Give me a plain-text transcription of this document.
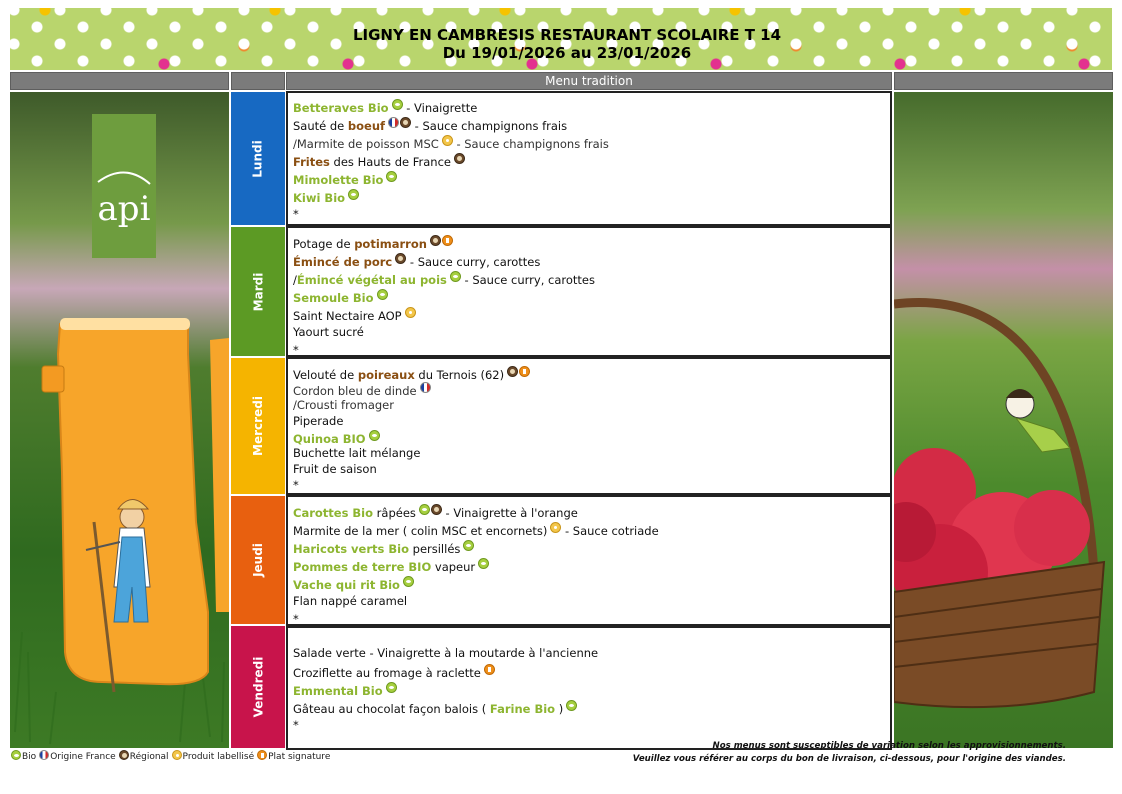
LIGNY EN CAMBRESIS RESTAURANT SCOLAIRE T 14
Du 19/01/2026 au 23/01/2026
Menu tradition
api
Lundi
Mardi
Mercredi
Jeudi
Vendredi
Betteraves Bio - Vinaigrette
Sauté de boeuf - Sauce champignons frais
/Marmite de poisson MSC - Sauce champignons frais
Frites des Hauts de France
Mimolette Bio
Kiwi Bio
*
Potage de potimarron
Émincé de porc - Sauce curry, carottes
/Émincé végétal au pois - Sauce curry, carottes
Semoule Bio
Saint Nectaire AOP
Yaourt sucré
*
Velouté de poireaux du Ternois (62)
Cordon bleu de dinde
/Crousti fromager
Piperade
Quinoa BIO
Buchette lait mélange
Fruit de saison
*
Carottes Bio râpées - Vinaigrette à l'orange
Marmite de la mer ( colin MSC et encornets) - Sauce cotriade
Haricots verts Bio persillés
Pommes de terre BIO vapeur
Vache qui rit Bio
Flan nappé caramel
*
Salade verte - Vinaigrette à la moutarde à l'ancienne
Croziflette au fromage à raclette
Emmental Bio
Gâteau au chocolat façon balois ( Farine Bio )
*
Bio Origine France Régional Produit labellisé Plat signature
Nos menus sont susceptibles de variation selon les approvisionnements.
Veuillez vous référer au corps du bon de livraison, ci-dessous, pour l'origine des viandes.
